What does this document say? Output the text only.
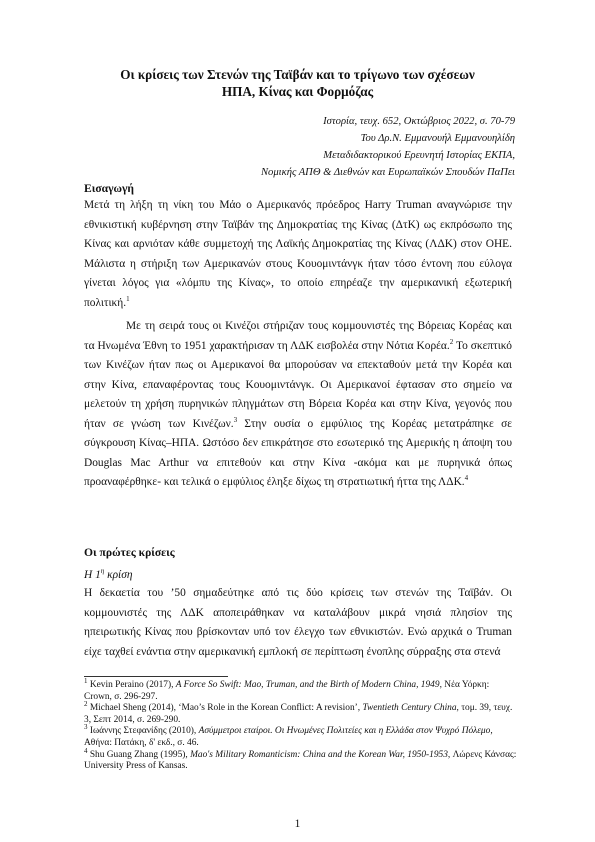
Οι κρίσεις των Στενών της Ταϊβάν και το τρίγωνο των σχέσεων
ΗΠΑ, Κίνας και Φορμόζας
Ιστορία, τευχ. 652, Οκτώβριος 2022, σ. 70-79
Του Δρ.Ν. Εμμανουήλ Εμμανουηλίδη
Μεταδιδακτορικού Ερευνητή Ιστορίας ΕΚΠΑ,
Νομικής ΑΠΘ & Διεθνών και Ευρωπαϊκών Σπουδών ΠαΠει
Εισαγωγή

Μετά τη λήξη τη νίκη του Μάο ο Αμερικανός πρόεδρος Harry Truman αναγνώρισε την εθνικιστική κυβέρνηση στην Ταϊβάν της Δημοκρατίας της Κίνας (ΔτΚ) ως εκπρόσωπο της Κίνας και αρνιόταν κάθε συμμετοχή της Λαϊκής Δημοκρατίας της Κίνας (ΛΔΚ) στον ΟΗΕ. Μάλιστα η στήριξη των Αμερικανών στους Κουομιντάνγκ ήταν τόσο έντονη που εύλογα γίνεται λόγος για «λόμπυ της Κίνας», το οποίο επηρέαζε την αμερικανική εξωτερική πολιτική.$^1$

Με τη σειρά τους οι Κινέζοι στήριζαν τους κομμουνιστές της Βόρειας Κορέας και τα Ηνωμένα Έθνη το 1951 χαρακτήρισαν τη ΛΔΚ εισβολέα στην Νότια Κορέα.$^2$ Το σκεπτικό των Κινέζων ήταν πως οι Αμερικανοί θα μπορούσαν να επεκταθούν μετά την Κορέα και στην Κίνα, επαναφέροντας τους Κουομιντάνγκ. Οι Αμερικανοί έφτασαν στο σημείο να μελετούν τη χρήση πυρηνικών πληγμάτων στη Βόρεια Κορέα και στην Κίνα, γεγονός που ήταν σε γνώση των Κινέζων.$^3$ Στην ουσία ο εμφύλιος της Κορέας μετατράπηκε σε σύγκρουση Κίνας–ΗΠΑ. Ωστόσο δεν επικράτησε στο εσωτερικό της Αμερικής η άποψη του Douglas Mac Arthur να επιτεθούν και στην Κίνα -ακόμα και με πυρηνικά όπως προαναφέρθηκε- και τελικά ο εμφύλιος έληξε δίχως τη στρατιωτική ήττα της ΛΔΚ.$^4$

Οι πρώτες κρίσεις
Η $1^\eta$ κρίση

Η δεκαετία του ’50 σημαδεύτηκε από τις δύο κρίσεις των στενών της Ταϊβάν. Οι κομμουνιστές της ΛΔΚ αποπειράθηκαν να καταλάβουν μικρά νησιά πλησίον της ηπειρωτικής Κίνας που βρίσκονταν υπό τον έλεγχο των εθνικιστών. Ενώ αρχικά ο Truman είχε ταχθεί ενάντια στην αμερικανική εμπλοκή σε περίπτωση ένοπλης σύρραξης στα στενά

$^1$ Kevin Peraino (2017), A Force So Swift: Mao, Truman, and the Birth of Modern China, 1949, Νέα Υόρκη: Crown, σ. 296-297.

$^2$ Michael Sheng (2014), ‘Mao’s Role in the Korean Conflict: A revision’, Twentieth Century China, τομ. 39, τευχ. 3, Σεπτ 2014, σ. 269-290.

$^3$ Ιωάννης Στεφανίδης (2010), Ασύμμετροι εταίροι. Οι Ηνωμένες Πολιτείες και η Ελλάδα στον Ψυχρό Πόλεμο, Αθήνα: Πατάκη, δ' εκδ., σ. 46.

$^4$ Shu Guang Zhang (1995), Mao's Military Romanticism: China and the Korean War, 1950-1953, Λώρενς Κάνσας: University Press of Kansas.

1
